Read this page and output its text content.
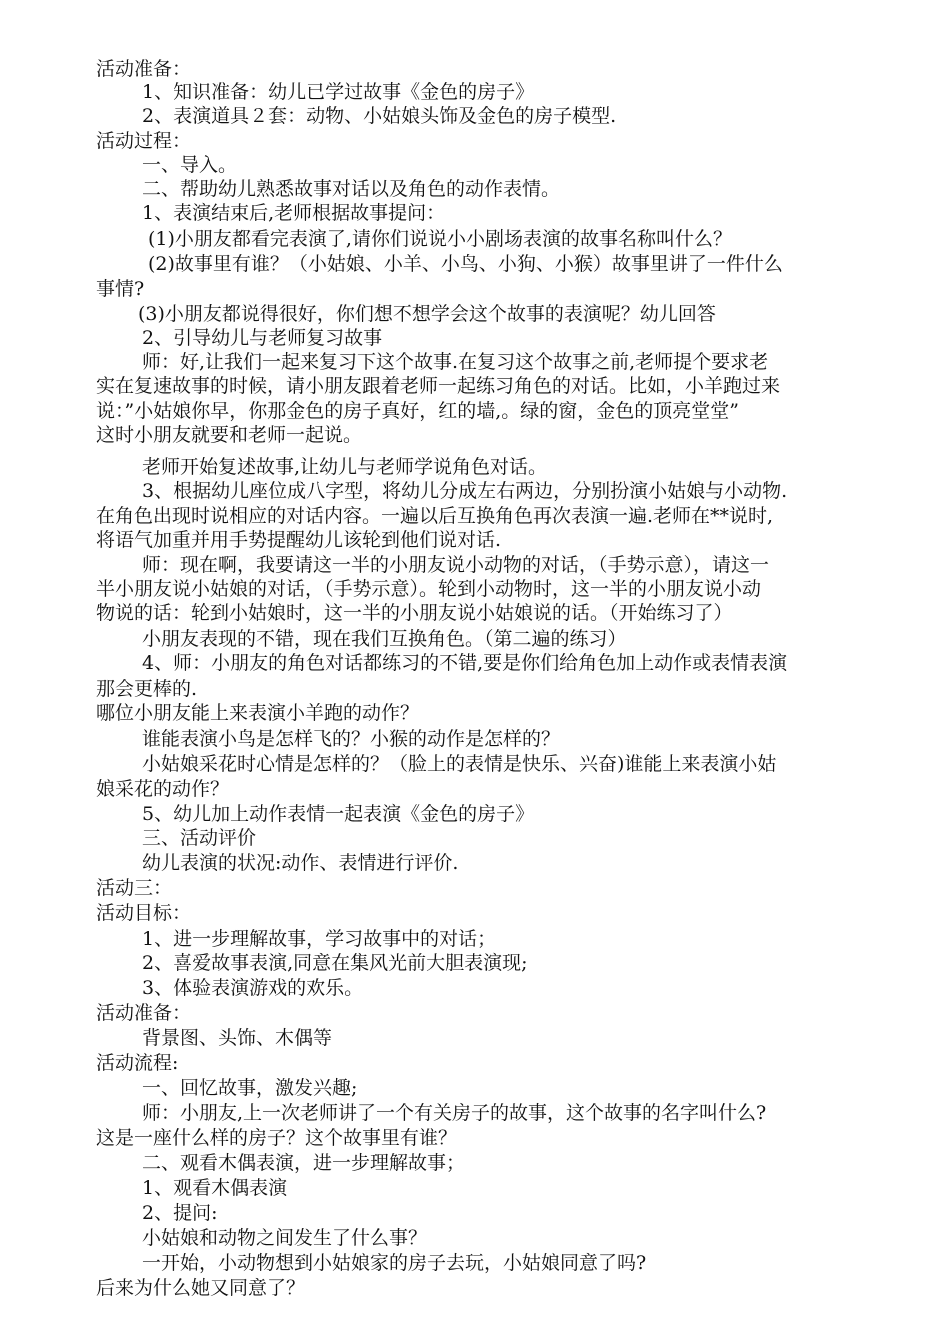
活动准备：
1、知识准备：幼儿已学过故事《金色的房子》
2、表演道具２套：动物、小姑娘头饰及金色的房子模型.
活动过程：
一、导入。
二、帮助幼儿熟悉故事对话以及角色的动作表情。
1、表演结束后,老师根据故事提问：
(1)小朋友都看完表演了,请你们说说小小剧场表演的故事名称叫什么？
(2)故事里有谁？（小姑娘、小羊、小鸟、小狗、小猴）故事里讲了一件什么
事情?
(3)小朋友都说得很好，你们想不想学会这个故事的表演呢？幼儿回答
2、引导幼儿与老师复习故事
师：好,让我们一起来复习下这个故事.在复习这个故事之前,老师提个要求老
实在复速故事的时候，请小朋友跟着老师一起练习角色的对话。比如，小羊跑过来
说：”小姑娘你早，你那金色的房子真好，红的墙,。绿的窗，金色的顶亮堂堂”
这时小朋友就要和老师一起说。
老师开始复述故事,让幼儿与老师学说角色对话。
3、根据幼儿座位成八字型，将幼儿分成左右两边，分别扮演小姑娘与小动物.
在角色出现时说相应的对话内容。一遍以后互换角色再次表演一遍.老师在**说时,
将语气加重并用手势提醒幼儿该轮到他们说对话.
师：现在啊，我要请这一半的小朋友说小动物的对话，（手势示意），请这一
半小朋友说小姑娘的对话，（手势示意）。轮到小动物时，这一半的小朋友说小动
物说的话：轮到小姑娘时，这一半的小朋友说小姑娘说的话。（开始练习了）
小朋友表现的不错，现在我们互换角色。（第二遍的练习）
4、师：小朋友的角色对话都练习的不错,要是你们给角色加上动作或表情表演
那会更棒的.
哪位小朋友能上来表演小羊跑的动作？
谁能表演小鸟是怎样飞的？小猴的动作是怎样的？
小姑娘采花时心情是怎样的？（脸上的表情是快乐、兴奋)谁能上来表演小姑
娘采花的动作？
5、幼儿加上动作表情一起表演《金色的房子》
三、活动评价
幼儿表演的状况:动作、表情进行评价.
活动三：
活动目标：
1、进一步理解故事，学习故事中的对话；
2、喜爱故事表演,同意在集风光前大胆表演现;
3、体验表演游戏的欢乐。
活动准备：
背景图、头饰、木偶等
活动流程:
一、回忆故事，激发兴趣;
师：小朋友,上一次老师讲了一个有关房子的故事，这个故事的名字叫什么?
这是一座什么样的房子？这个故事里有谁？
二、观看木偶表演，进一步理解故事；
1、观看木偶表演
2、提问:
小姑娘和动物之间发生了什么事？
一开始，小动物想到小姑娘家的房子去玩，小姑娘同意了吗?
后来为什么她又同意了？
